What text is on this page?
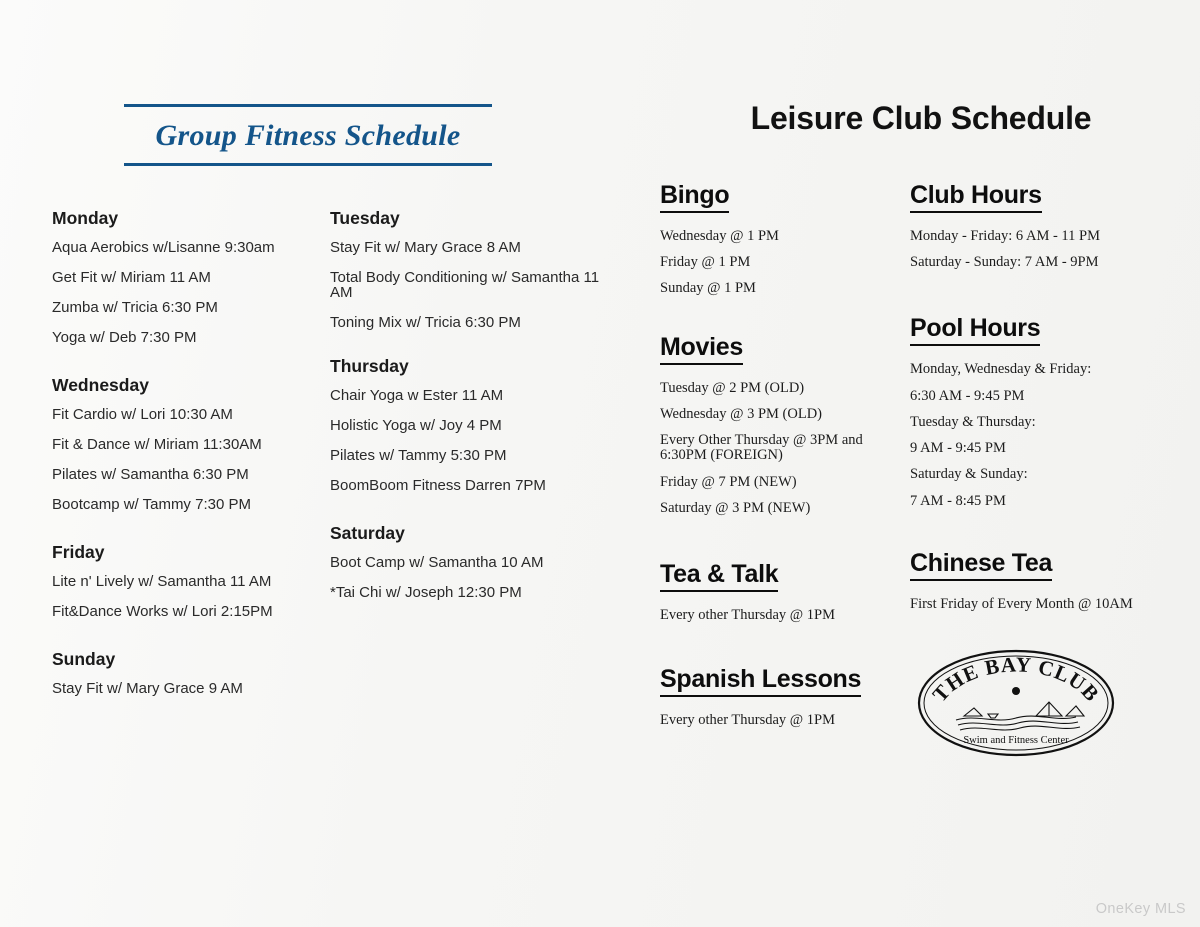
Group Fitness Schedule
Monday
Aqua Aerobics w/Lisanne 9:30am
Get Fit w/ Miriam 11 AM
Zumba w/ Tricia 6:30 PM
Yoga w/ Deb 7:30 PM
Wednesday
Fit Cardio w/ Lori 10:30 AM
Fit & Dance w/ Miriam 11:30AM
Pilates w/ Samantha 6:30 PM
Bootcamp w/ Tammy 7:30 PM
Friday
Lite n' Lively w/ Samantha 11 AM
Fit&Dance Works w/ Lori 2:15PM
Sunday
Stay Fit w/ Mary Grace 9 AM
Tuesday
Stay Fit w/ Mary Grace 8 AM
Total Body Conditioning w/ Samantha 11 AM
Toning Mix w/ Tricia 6:30 PM
Thursday
Chair Yoga w Ester 11 AM
Holistic Yoga w/ Joy 4 PM
Pilates w/ Tammy 5:30 PM
BoomBoom Fitness Darren 7PM
Saturday
Boot Camp w/ Samantha 10 AM
*Tai Chi w/ Joseph 12:30 PM
Leisure Club Schedule
Bingo
Wednesday @ 1 PM
Friday @ 1 PM
Sunday @ 1 PM
Movies
Tuesday @ 2 PM (OLD)
Wednesday @ 3 PM (OLD)
Every Other Thursday @ 3PM and 6:30PM (FOREIGN)
Friday @ 7 PM (NEW)
Saturday @ 3 PM (NEW)
Tea & Talk
Every other Thursday @ 1PM
Spanish Lessons
Every other Thursday @ 1PM
Club Hours
Monday - Friday: 6 AM - 11 PM
Saturday - Sunday: 7 AM - 9PM
Pool Hours
Monday, Wednesday & Friday:
6:30 AM - 9:45 PM
Tuesday & Thursday:
9 AM - 9:45 PM
Saturday & Sunday:
7 AM - 8:45 PM
Chinese Tea
First Friday of Every Month @ 10AM
THE BAY CLUB
Swim and Fitness Center
OneKey MLS
